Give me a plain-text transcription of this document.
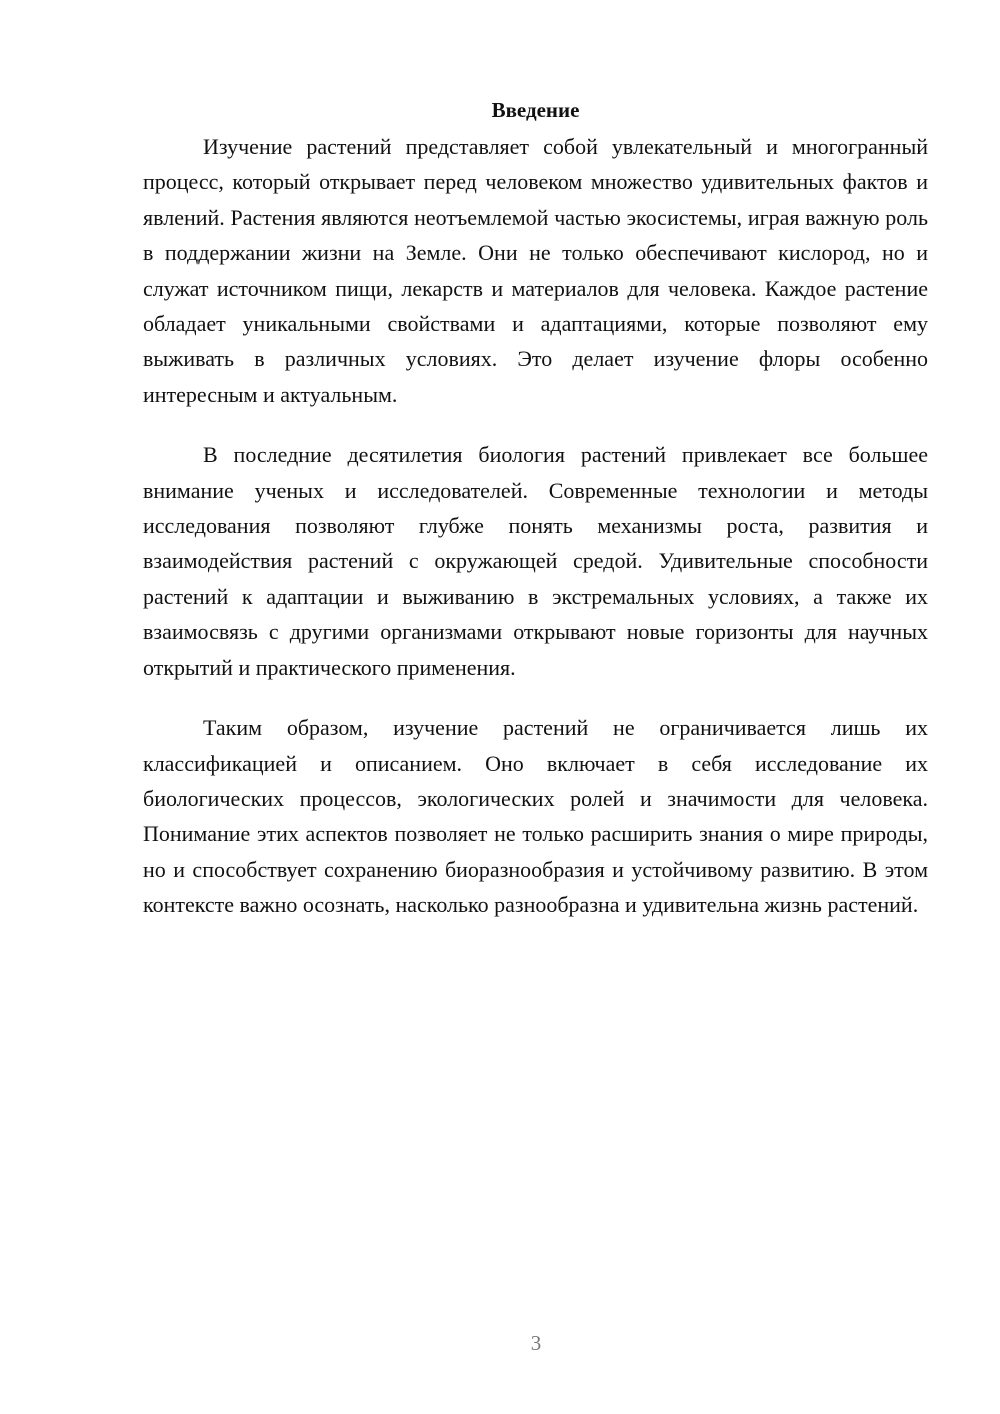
Введение

Изучение растений представляет собой увлекательный и многогранный процесс, который открывает перед человеком множество удивительных фактов и явлений. Растения являются неотъемлемой частью экосистемы, играя важную роль в поддержании жизни на Земле. Они не только обеспечивают кислород, но и служат источником пищи, лекарств и материалов для человека. Каждое растение обладает уникальными свойствами и адаптациями, которые позволяют ему выживать в различных условиях. Это делает изучение флоры особенно интересным и актуальным.

В последние десятилетия биология растений привлекает все большее внимание ученых и исследователей. Современные технологии и методы исследования позволяют глубже понять механизмы роста, развития и взаимодействия растений с окружающей средой. Удивительные способности растений к адаптации и выживанию в экстремальных условиях, а также их взаимосвязь с другими организмами открывают новые горизонты для научных открытий и практического применения.

Таким образом, изучение растений не ограничивается лишь их классификацией и описанием. Оно включает в себя исследование их биологических процессов, экологических ролей и значимости для человека. Понимание этих аспектов позволяет не только расширить знания о мире природы, но и способствует сохранению биоразнообразия и устойчивому развитию. В этом контексте важно осознать, насколько разнообразна и удивительна жизнь растений.

3
